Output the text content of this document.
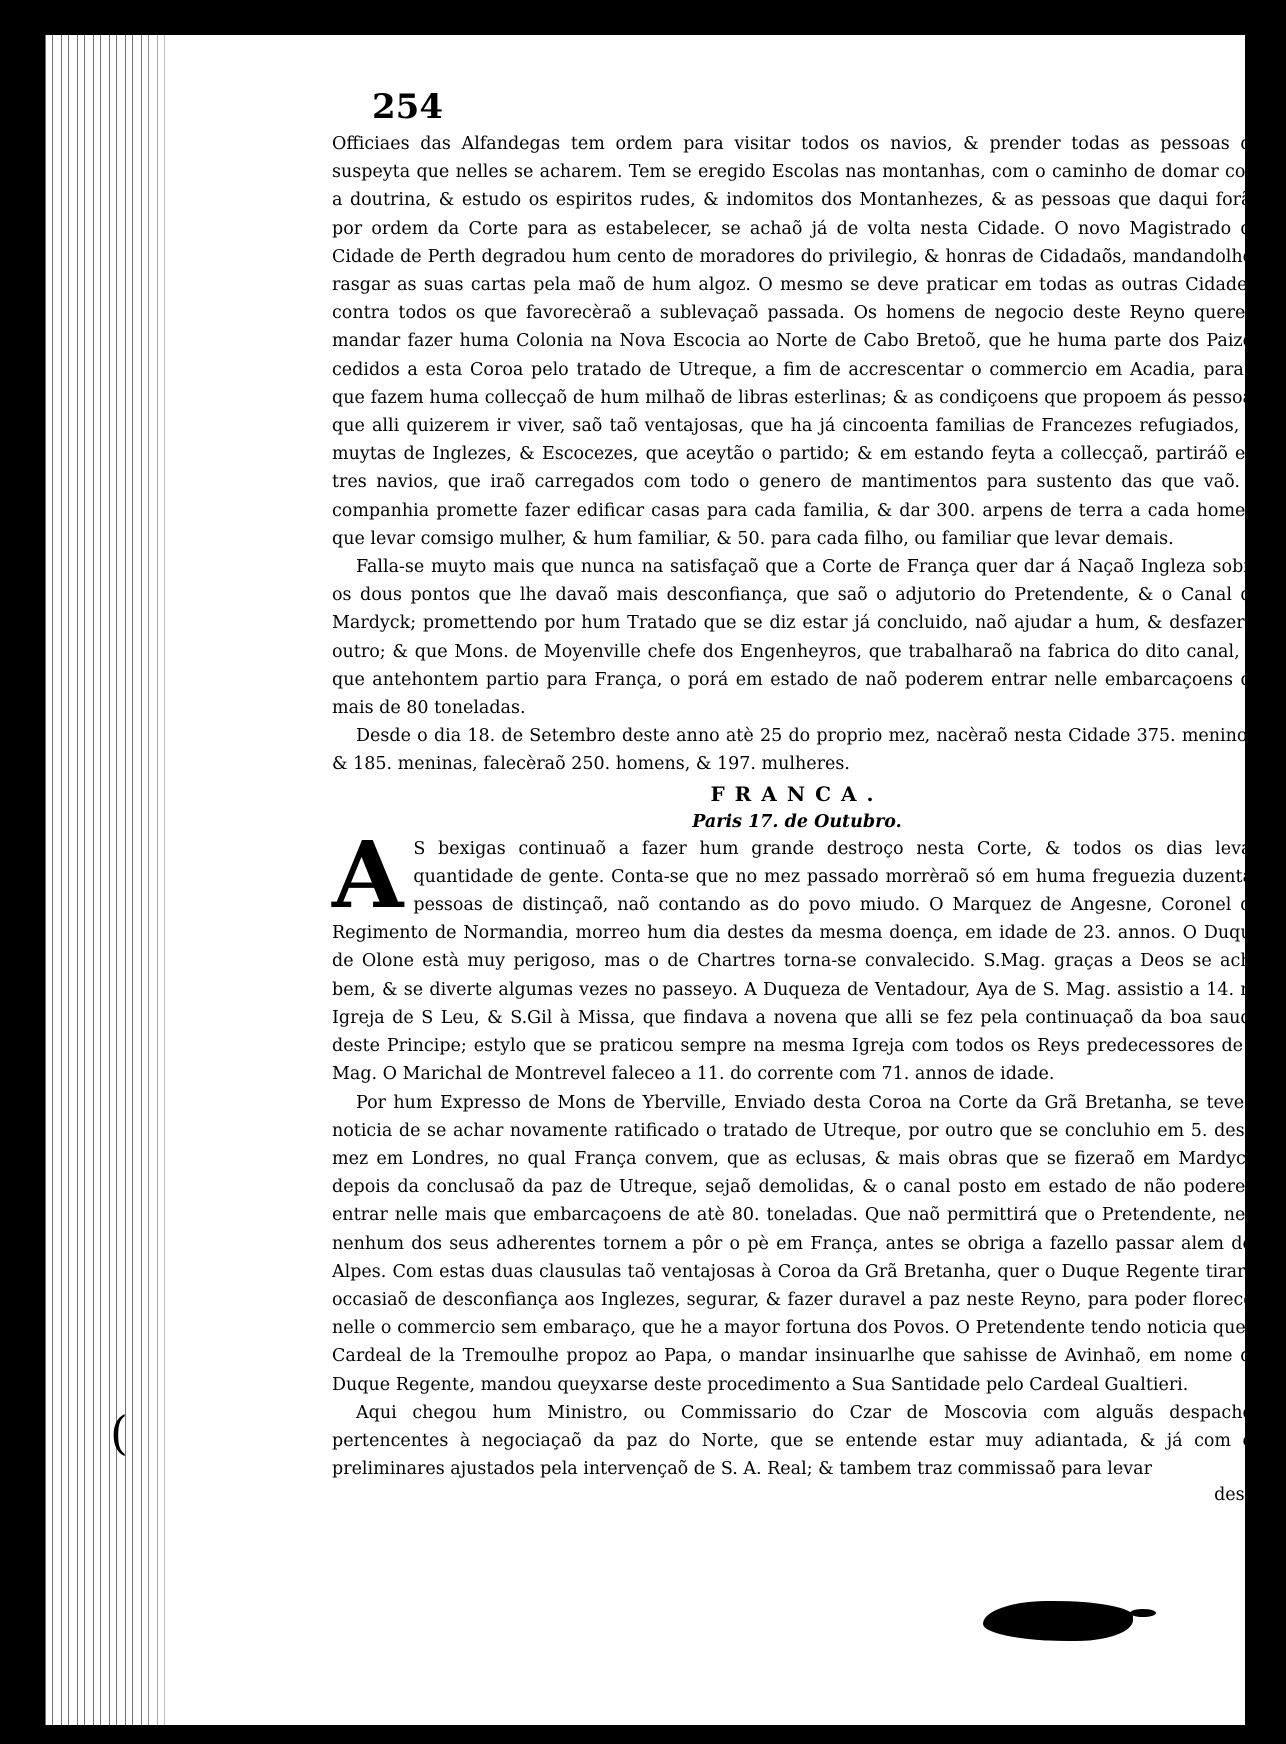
(
254

Officiaes das Alfandegas tem ordem para visitar todos os navios, & prender todas as pessoas de suspeyta que nelles se acharem. Tem se eregido Escolas nas montanhas, com o caminho de domar com a doutrina, & estudo os espiritos rudes, & indomitos dos Montanhezes, & as pessoas que daqui forão por ordem da Corte para as estabelecer, se achaõ já de volta nesta Cidade. O novo Magistrado da Cidade de Perth degradou hum cento de moradores do privilegio, & honras de Cidadaõs, mandandolhes rasgar as suas cartas pela maõ de hum algoz. O mesmo se deve praticar em todas as outras Cidades, contra todos os que favorecèraõ a sublevaçaõ passada. Os homens de negocio deste Reyno querem mandar fazer huma Colonia na Nova Escocia ao Norte de Cabo Bretoõ, que he huma parte dos Paizes cedidos a esta Coroa pelo tratado de Utreque, a fim de accrescentar o commercio em Acadia, para o que fazem huma collecçaõ de hum milhaõ de libras esterlinas; & as condiçoens que propoem ás pessoas que alli quizerem ir viver, saõ taõ ventajosas, que ha já cincoenta familias de Francezes refugiados, & muytas de Inglezes, & Escocezes, que aceytão o partido; & em estando feyta a collecçaõ, partiráõ em tres navios, que iraõ carregados com todo o genero de mantimentos para sustento das que vaõ. A companhia promette fazer edificar casas para cada familia, & dar 300. arpens de terra a cada homem que levar comsigo mulher, & hum familiar, & 50. para cada filho, ou familiar que levar demais.

Falla-se muyto mais que nunca na satisfaçaõ que a Corte de França quer dar á Naçaõ Ingleza sobre os dous pontos que lhe davaõ mais desconfiança, que saõ o adjutorio do Pretendente, & o Canal de Mardyck; promettendo por hum Tratado que se diz estar já concluido, naõ ajudar a hum, & desfazer o outro; & que Mons. de Moyenville chefe dos Engenheyros, que trabalharaõ na fabrica do dito canal, & que antehontem partio para França, o porá em estado de naõ poderem entrar nelle embarcaçoens de mais de 80 toneladas.

Desde o dia 18. de Setembro deste anno atè 25 do proprio mez, nacèraõ nesta Cidade 375. meninos, & 185. meninas, falecèraõ 250. homens, & 197. mulheres.

FRANCA.

Paris 17. de Outubro.

A S bexigas continuaõ a fazer hum grande destroço nesta Corte, & todos os dias levaõ quantidade de gente. Conta-se que no mez passado morrèraõ só em huma freguezia duzentas pessoas de distinçaõ, naõ contando as do povo miudo. O Marquez de Angesne, Coronel do Regimento de Normandia, morreo hum dia destes da mesma doença, em idade de 23. annos. O Duque de Olone està muy perigoso, mas o de Chartres torna-se convalecido. S.Mag. graças a Deos se acha bem, & se diverte algumas vezes no passeyo. A Duqueza de Ventadour, Aya de S. Mag. assistio a 14. na Igreja de S Leu, & S.Gil à Missa, que findava a novena que alli se fez pela continuaçaõ da boa saude deste Principe; estylo que se praticou sempre na mesma Igreja com todos os Reys predecessores de S Mag. O Marichal de Montrevel faleceo a 11. do corrente com 71. annos de idade.

Por hum Expresso de Mons de Yberville, Enviado desta Coroa na Corte da Grã Bretanha, se teve a noticia de se achar novamente ratificado o tratado de Utreque, por outro que se concluhio em 5. deste mez em Londres, no qual França convem, que as eclusas, & mais obras que se fizeraõ em Mardyck, depois da conclusaõ da paz de Utreque, sejaõ demolidas, & o canal posto em estado de não poderem entrar nelle mais que embarcaçoens de atè 80. toneladas. Que naõ permittirá que o Pretendente, nem nenhum dos seus adherentes tornem a pôr o pè em França, antes se obriga a fazello passar alem dos Alpes. Com estas duas clausulas taõ ventajosas à Coroa da Grã Bretanha, quer o Duque Regente tirar a occasiaõ de desconfiança aos Inglezes, segurar, & fazer duravel a paz neste Reyno, para poder florecer nelle o commercio sem embaraço, que he a mayor fortuna dos Povos. O Pretendente tendo noticia que o Cardeal de la Tremoulhe propoz ao Papa, o mandar insinuarlhe que sahisse de Avinhaõ, em nome do Duque Regente, mandou queyxarse deste procedimento a Sua Santidade pelo Cardeal Gualtieri.

Aqui chegou hum Ministro, ou Commissario do Czar de Moscovia com alguãs despachos pertencentes à negociaçaõ da paz do Norte, que se entende estar muy adiantada, & já com os preliminares ajustados pela intervençaõ de S. A. Real; & tambem traz commissaõ para levar

deste
